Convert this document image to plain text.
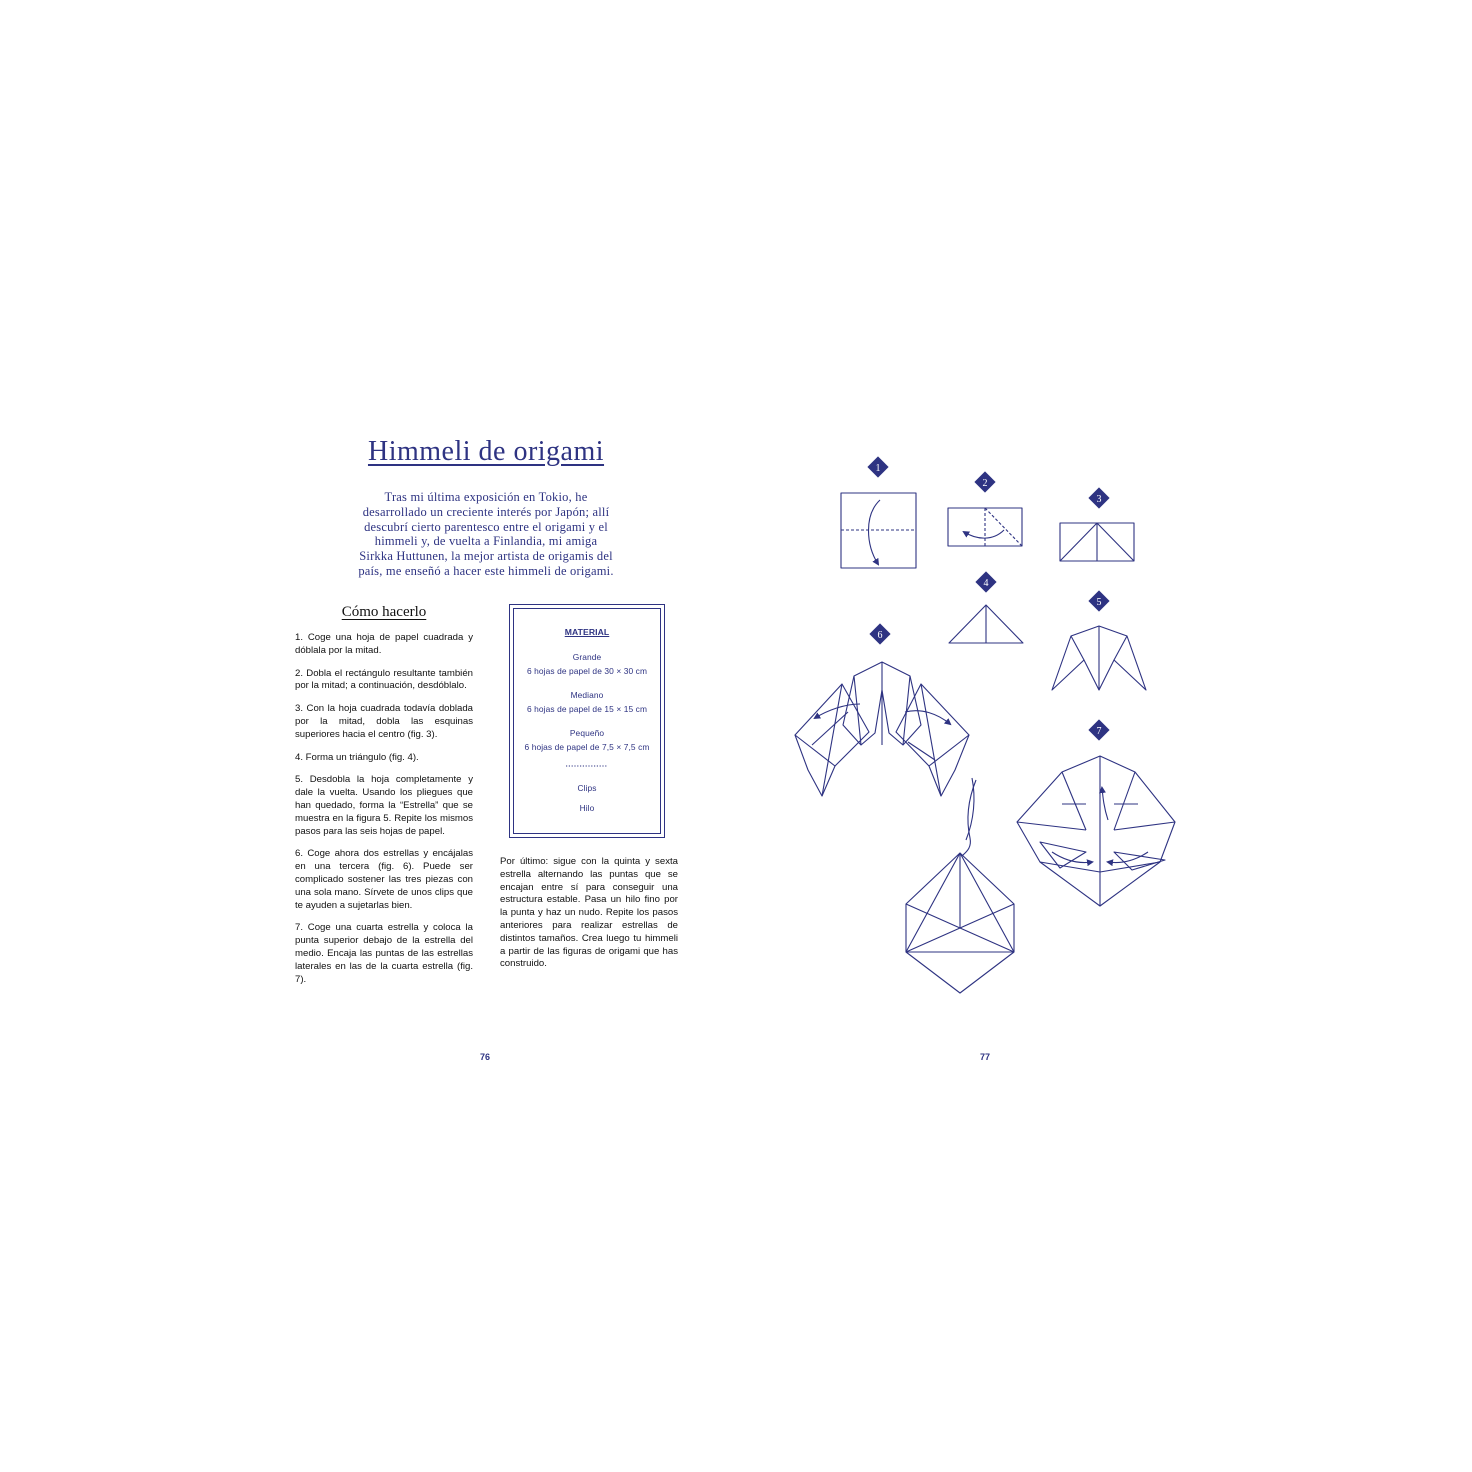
Himmeli de origami
Tras mi última exposición en Tokio, he desarrollado un creciente interés por Japón; allí descubrí cierto parentesco entre el origami y el himmeli y, de vuelta a Finlandia, mi amiga Sirkka Huttunen, la mejor artista de origamis del país, me enseñó a hacer este himmeli de origami.
Cómo hacerlo

1. Coge una hoja de papel cuadrada y dóblala por la mitad.

2. Dobla el rectángulo resultante también por la mitad; a continuación, desdóblalo.

3. Con la hoja cuadrada todavía doblada por la mitad, dobla las esquinas superiores hacia el centro (fig. 3).

4. Forma un triángulo (fig. 4).

5. Desdobla la hoja completamente y dale la vuelta. Usando los pliegues que han quedado, forma la “Estrella” que se muestra en la figura 5. Repite los mismos pasos para las seis hojas de papel.

6. Coge ahora dos estrellas y encájalas en una tercera (fig. 6). Puede ser complicado sostener las tres piezas con una sola mano. Sírvete de unos clips que te ayuden a sujetarlas bien.

7. Coge una cuarta estrella y coloca la punta superior debajo de la estrella del medio. Encaja las puntas de las estrellas laterales en las de la cuarta estrella (fig. 7).

MATERIAL
Grande
6 hojas de papel de 30 × 30 cm
Mediano
6 hojas de papel de 15 × 15 cm
Pequeño
6 hojas de papel de 7,5 × 7,5 cm
Clips
Hilo

Por último: sigue con la quinta y sexta estrella alternando las puntas que se encajan entre sí para conseguir una estructura estable. Pasa un hilo fino por la punta y haz un nudo. Repite los pasos anteriores para realizar estrellas de distintos tamaños. Crea luego tu himmeli a partir de las figuras de origami que has construido.

76	77
1
2
3
4
5
6
7
